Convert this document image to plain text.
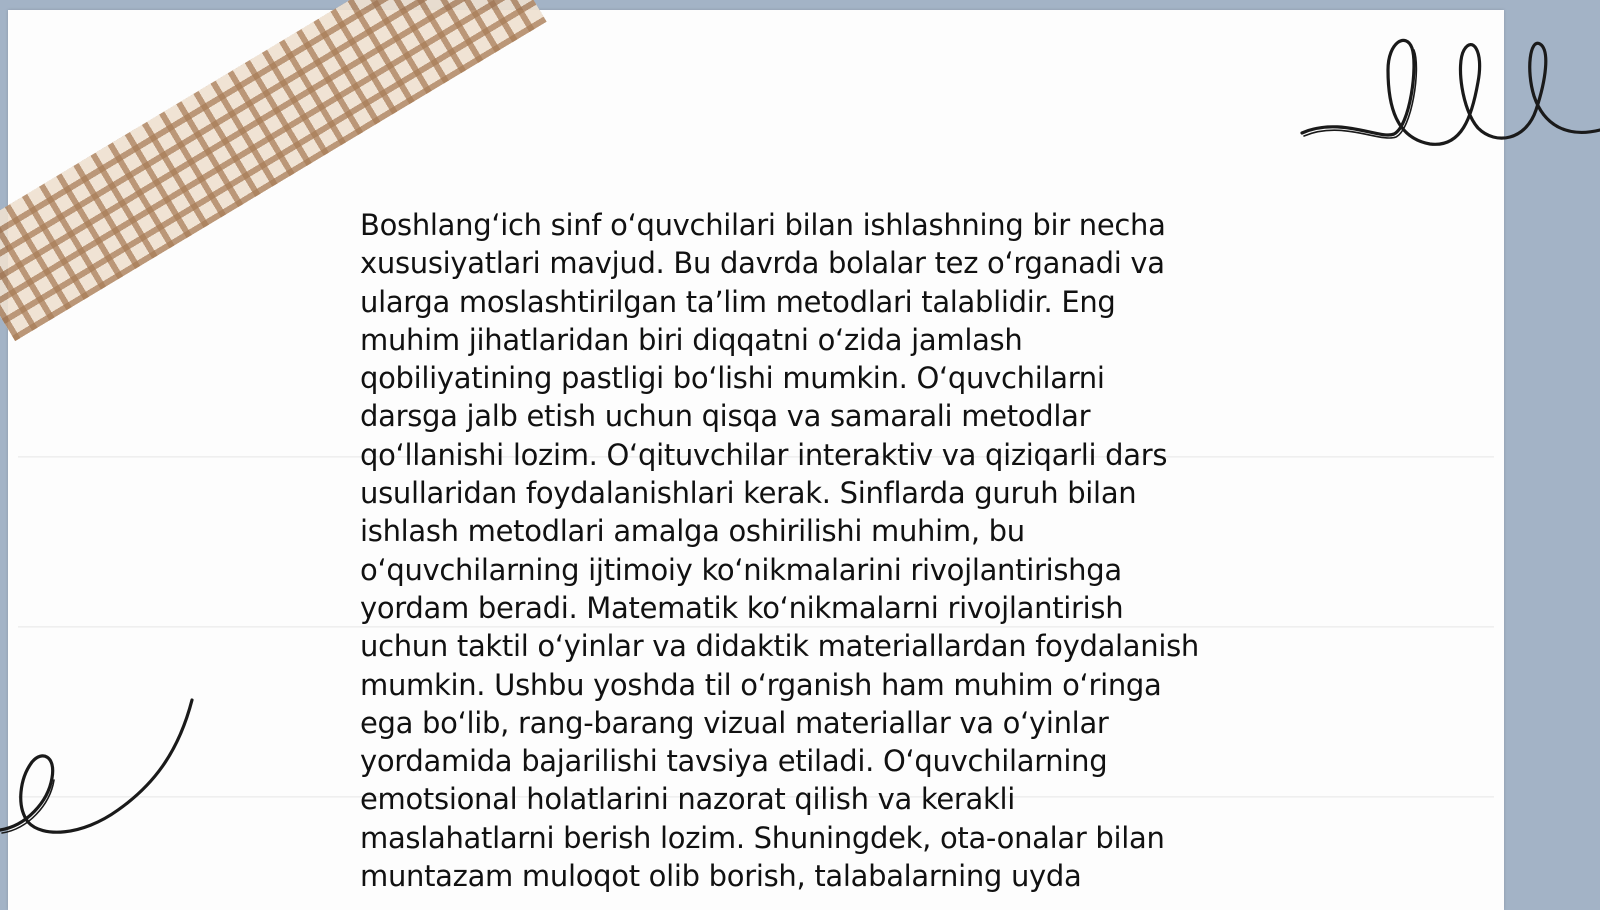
Boshlang‘ich sinf o‘quvchilari bilan ishlashning bir necha
xususiyatlari mavjud. Bu davrda bolalar tez o‘rganadi va
ularga moslashtirilgan ta’lim metodlari talablidir. Eng
muhim jihatlaridan biri diqqatni o‘zida jamlash
qobiliyatining pastligi bo‘lishi mumkin. O‘quvchilarni
darsga jalb etish uchun qisqa va samarali metodlar
qo‘llanishi lozim. O‘qituvchilar interaktiv va qiziqarli dars
usullaridan foydalanishlari kerak. Sinflarda guruh bilan
ishlash metodlari amalga oshirilishi muhim, bu
o‘quvchilarning ijtimoiy ko‘nikmalarini rivojlantirishga
yordam beradi. Matematik ko‘nikmalarni rivojlantirish
uchun taktil o‘yinlar va didaktik materiallardan foydalanish
mumkin. Ushbu yoshda til o‘rganish ham muhim o‘ringa
ega bo‘lib, rang-barang vizual materiallar va o‘yinlar
yordamida bajarilishi tavsiya etiladi. O‘quvchilarning
emotsional holatlarini nazorat qilish va kerakli
maslahatlarni berish lozim. Shuningdek, ota-onalar bilan
muntazam muloqot olib borish, talabalarning uyda
